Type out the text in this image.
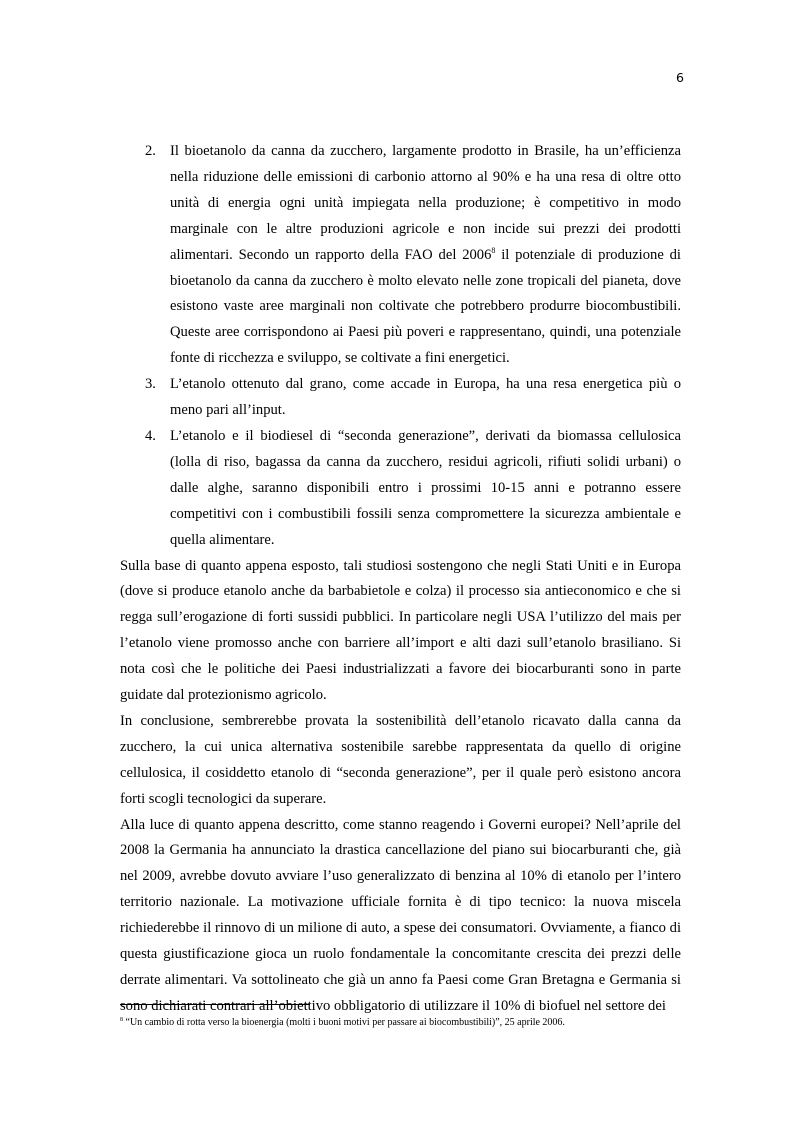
6
2. Il bioetanolo da canna da zucchero, largamente prodotto in Brasile, ha un’efficienza nella riduzione delle emissioni di carbonio attorno al 90% e ha una resa di oltre otto unità di energia ogni unità impiegata nella produzione; è competitivo in modo marginale con le altre produzioni agricole e non incide sui prezzi dei prodotti alimentari. Secondo un rapporto della FAO del 2006$^8$ il potenziale di produzione di bioetanolo da canna da zucchero è molto elevato nelle zone tropicali del pianeta, dove esistono vaste aree marginali non coltivate che potrebbero produrre biocombustibili. Queste aree corrispondono ai Paesi più poveri e rappresentano, quindi, una potenziale fonte di ricchezza e sviluppo, se coltivate a fini energetici.
3. L’etanolo ottenuto dal grano, come accade in Europa, ha una resa energetica più o meno pari all’input.
4. L’etanolo e il biodiesel di “seconda generazione”, derivati da biomassa cellulosica (lolla di riso, bagassa da canna da zucchero, residui agricoli, rifiuti solidi urbani) o dalle alghe, saranno disponibili entro i prossimi 10-15 anni e potranno essere competitivi con i combustibili fossili senza compromettere la sicurezza ambientale e quella alimentare.

Sulla base di quanto appena esposto, tali studiosi sostengono che negli Stati Uniti e in Europa (dove si produce etanolo anche da barbabietole e colza) il processo sia antieconomico e che si regga sull’erogazione di forti sussidi pubblici. In particolare negli USA l’utilizzo del mais per l’etanolo viene promosso anche con barriere all’import e alti dazi sull’etanolo brasiliano. Si nota così che le politiche dei Paesi industrializzati a favore dei biocarburanti sono in parte guidate dal protezionismo agricolo.

In conclusione, sembrerebbe provata la sostenibilità dell’etanolo ricavato dalla canna da zucchero, la cui unica alternativa sostenibile sarebbe rappresentata da quello di origine cellulosica, il cosiddetto etanolo di “seconda generazione”, per il quale però esistono ancora forti scogli tecnologici da superare.

Alla luce di quanto appena descritto, come stanno reagendo i Governi europei? Nell’aprile del 2008 la Germania ha annunciato la drastica cancellazione del piano sui biocarburanti che, già nel 2009, avrebbe dovuto avviare l’uso generalizzato di benzina al 10% di etanolo per l’intero territorio nazionale. La motivazione ufficiale fornita è di tipo tecnico: la nuova miscela richiederebbe il rinnovo di un milione di auto, a spese dei consumatori. Ovviamente, a fianco di questa giustificazione gioca un ruolo fondamentale la concomitante crescita dei prezzi delle derrate alimentari. Va sottolineato che già un anno fa Paesi come Gran Bretagna e Germania si sono dichiarati contrari all’obiettivo obbligatorio di utilizzare il 10% di biofuel nel settore dei

$^8$ “Un cambio di rotta verso la bioenergia (molti i buoni motivi per passare ai biocombustibili)”, 25 aprile 2006.
